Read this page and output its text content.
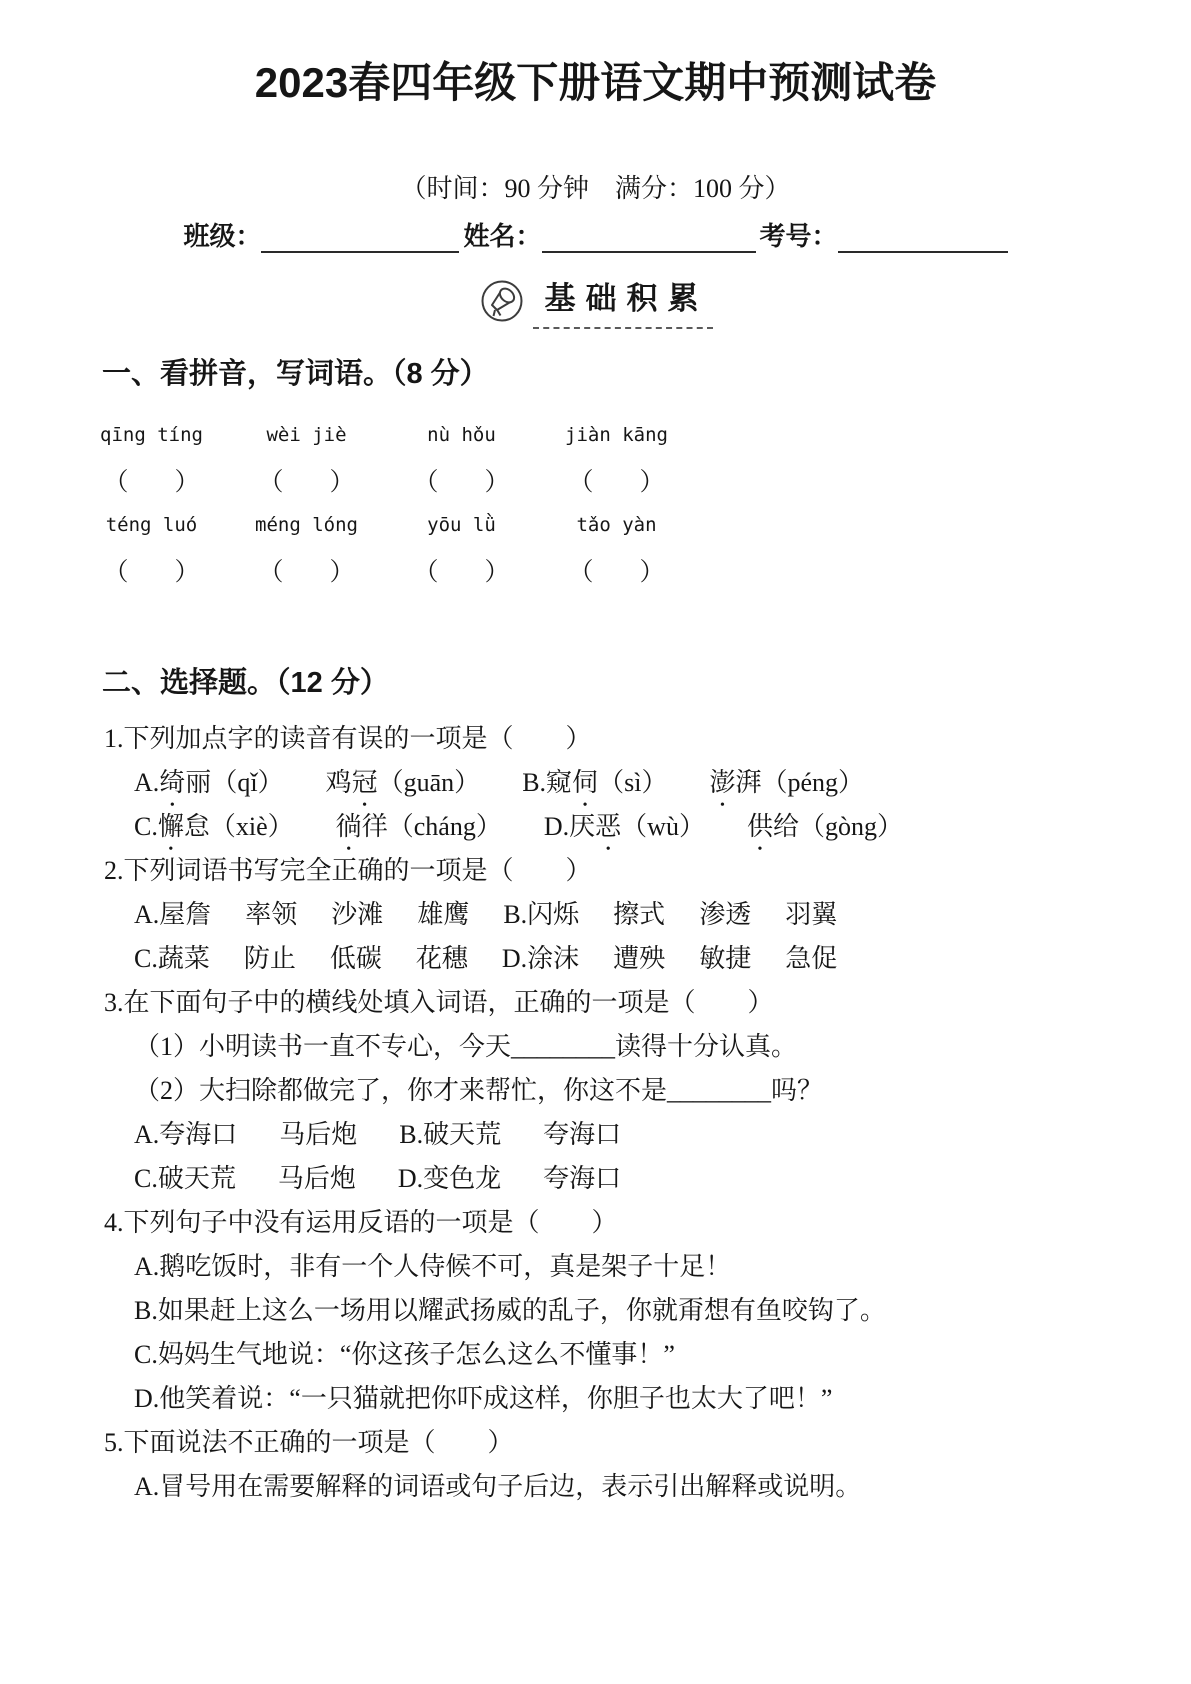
2023春四年级下册语文期中预测试卷
（时间：90 分钟　满分：100 分）
班级：	姓名：	考号：
基础积累
一、看拼音，写词语。（8 分）
qīng tíng	wèi jiè	nù hǒu	jiàn kāng
（ ） （ ） （ ） （ ）
téng luó	méng lóng	yōu lǜ	tǎo yàn
（ ） （ ） （ ） （ ）
二、选择题。（12 分）
1.下列加点字的读音有误的一项是（　　）
A.绮丽（qǐ） 鸡冠（guān） B.窥伺（sì） 澎湃（péng）
C.懈怠（xiè） 徜徉（cháng） D.厌恶（wù） 供给（gòng）
2.下列词语书写完全正确的一项是（　　）
A.屋詹 率领 沙滩 雄鹰 B.闪烁 擦式 渗透 羽翼
C.蔬菜 防止 低碳 花穗 D.涂沫 遭殃 敏捷 急促
3.在下面句子中的横线处填入词语，正确的一项是（　　）
（1）小明读书一直不专心，今天________读得十分认真。
（2）大扫除都做完了，你才来帮忙，你这不是________吗？
A.夸海口 马后炮 B.破天荒 夸海口
C.破天荒 马后炮 D.变色龙 夸海口
4.下列句子中没有运用反语的一项是（　　）
A.鹅吃饭时，非有一个人侍候不可，真是架子十足！
B.如果赶上这么一场用以耀武扬威的乱子，你就甭想有鱼咬钩了。
C.妈妈生气地说：“你这孩子怎么这么不懂事！”
D.他笑着说：“一只猫就把你吓成这样，你胆子也太大了吧！”
5.下面说法不正确的一项是（　　）
A.冒号用在需要解释的词语或句子后边，表示引出解释或说明。
